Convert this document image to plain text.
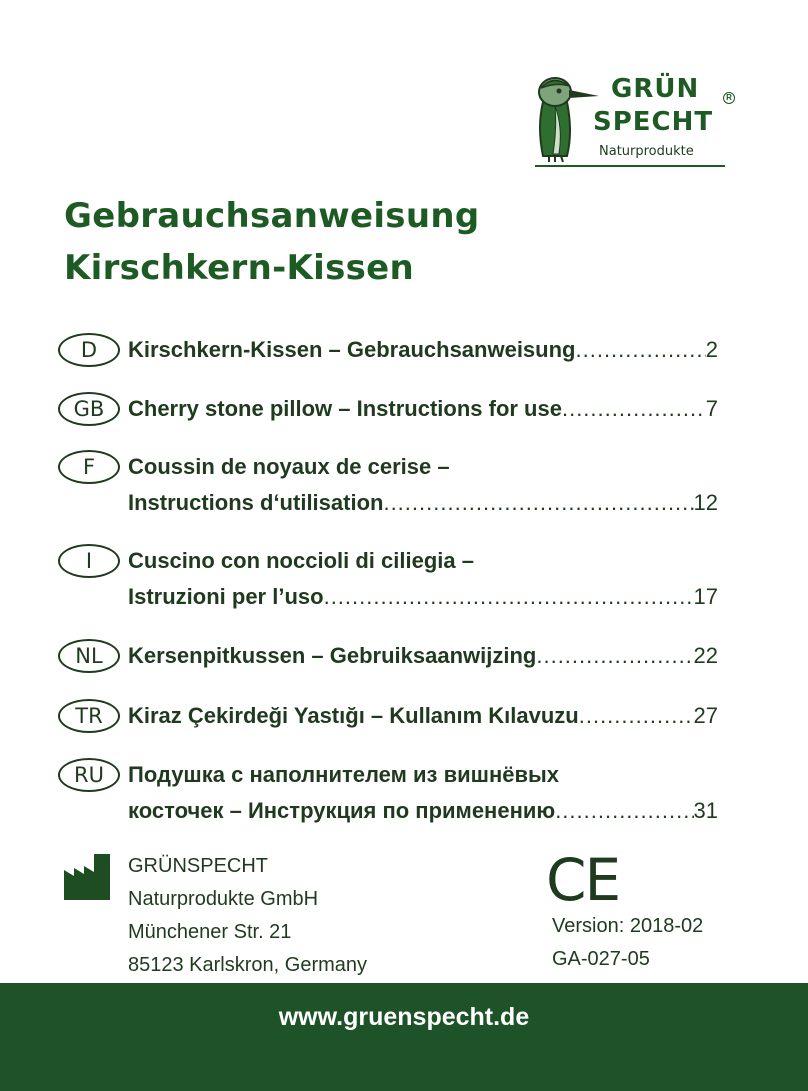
GRÜN
SPECHT
Naturprodukte
R
Gebrauchsanweisung
Kirschkern-Kissen
D	Kirschkern-Kissen – Gebrauchsanweisung .....	2
GB	Cherry stone pillow – Instructions for use .....	7
F	Coussin de noyaux de cerise –
Instructions d‘utilisation .....	12
I	Cuscino con noccioli di ciliegia –
Istruzioni per l’uso .....	17
NL	Kersenpitkussen – Gebruiksaanwijzing .....	22
TR	Kiraz Çekirdeği Yastığı – Kullanım Kılavuzu .....	27
RU	Подушка с наполнителем из вишнёвых
косточек – Инструкция по применению .....	31
GRÜNSPECHT
Naturprodukte GmbH
Münchener Str. 21
85123 Karlskron, Germany
CE
Version: 2018-02
GA-027-05
www.gruenspecht.de
